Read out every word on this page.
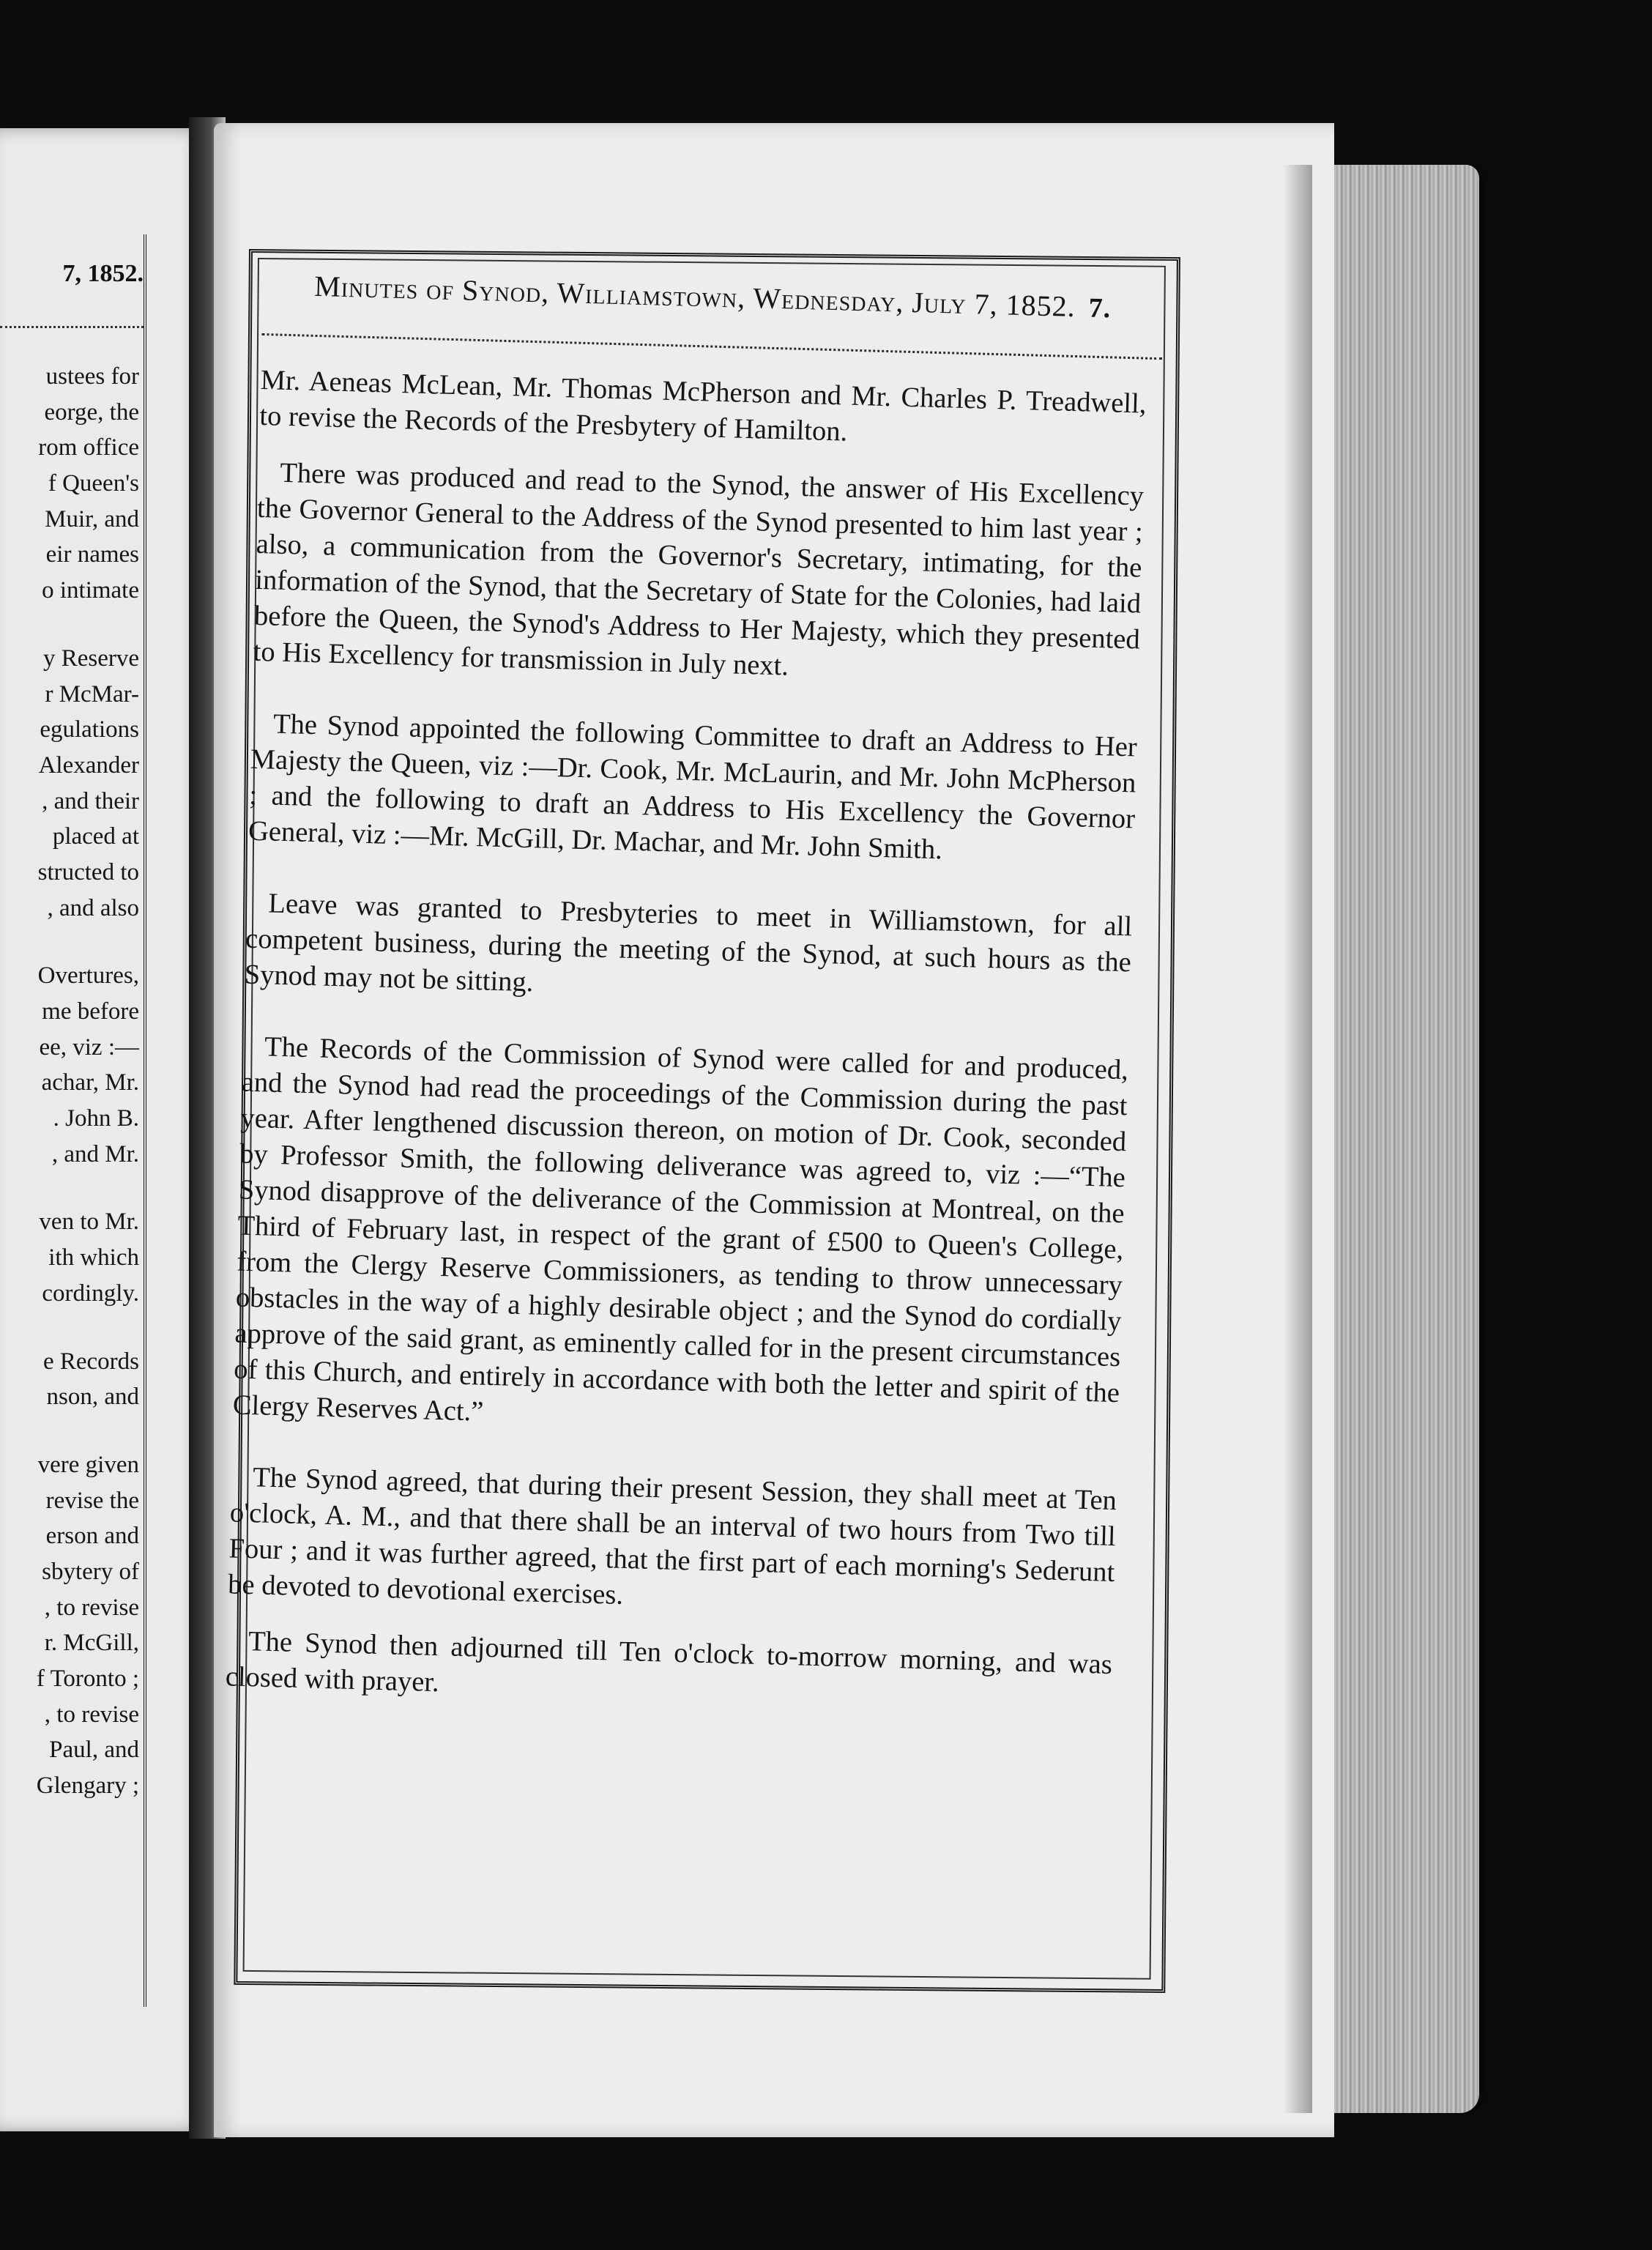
7, 1852.
ustees for
eorge, the
rom office
f Queen's
Muir, and
eir names
o intimate
y Reserve
r McMar-
egulations
Alexander
, and their
placed at
structed to
, and also
Overtures,
me before
ee, viz :—
achar, Mr.
. John B.
, and Mr.
ven to Mr.
ith which
cordingly.
e Records
nson, and
vere given
revise the
erson and
sbytery of
, to revise
r. McGill,
f Toronto ;
, to revise
Paul, and
Glengary ;
Minutes of Synod, Williamstown, Wednesday, July 7, 1852. 7.

Mr. Aeneas McLean, Mr. Thomas McPherson and Mr. Charles P. Treadwell, to revise the Records of the Presbytery of Hamilton.

There was produced and read to the Synod, the answer of His Excellency the Governor General to the Address of the Synod presented to him last year ; also, a communication from the Governor's Secretary, intimating, for the information of the Synod, that the Secretary of State for the Colonies, had laid before the Queen, the Synod's Address to Her Majesty, which they presented to His Excellency for transmission in July next.

The Synod appointed the following Committee to draft an Address to Her Majesty the Queen, viz :—Dr. Cook, Mr. McLaurin, and Mr. John McPherson ; and the following to draft an Address to His Excellency the Governor General, viz :—Mr. McGill, Dr. Machar, and Mr. John Smith.

Leave was granted to Presbyteries to meet in Williamstown, for all competent business, during the meeting of the Synod, at such hours as the Synod may not be sitting.

The Records of the Commission of Synod were called for and produced, and the Synod had read the proceedings of the Commission during the past year. After lengthened discussion thereon, on motion of Dr. Cook, seconded by Professor Smith, the following deliverance was agreed to, viz :—“The Synod disapprove of the deliverance of the Commission at Montreal, on the Third of February last, in respect of the grant of £500 to Queen's College, from the Clergy Reserve Commissioners, as tending to throw unnecessary obstacles in the way of a highly desirable object ; and the Synod do cordially approve of the said grant, as eminently called for in the present circumstances of this Church, and entirely in accordance with both the letter and spirit of the Clergy Reserves Act.”

The Synod agreed, that during their present Session, they shall meet at Ten o'clock, A. M., and that there shall be an interval of two hours from Two till Four ; and it was further agreed, that the first part of each morning's Sederunt be devoted to devotional exercises.

The Synod then adjourned till Ten o'clock to-morrow morning, and was closed with prayer.
